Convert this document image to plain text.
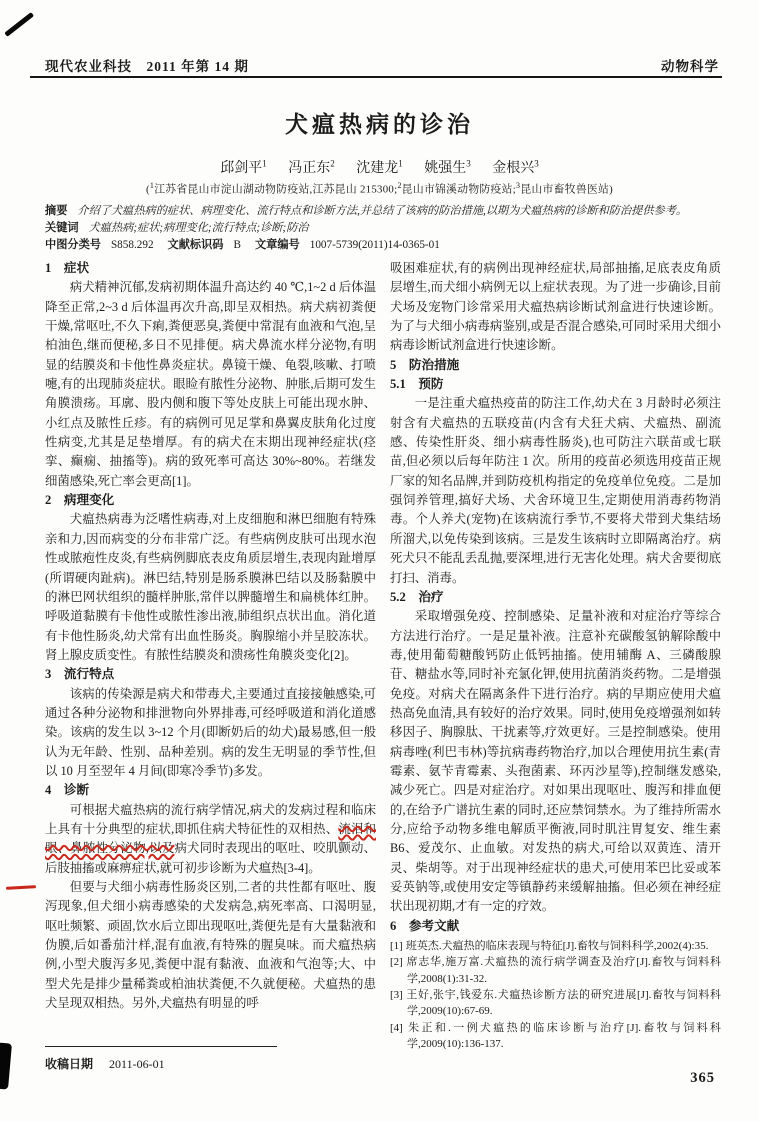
现代农业科技　2011 年第 14 期	动物科学
犬瘟热病的诊治
邱剑平$^1$ 冯正东$^2$ 沈建龙$^1$ 姚强生$^3$ 金根兴$^3$
($^1$江苏省昆山市淀山湖动物防疫站,江苏昆山 215300;$^2$昆山市锦溪动物防疫站;$^3$昆山市畜牧兽医站)
摘要 介绍了犬瘟热病的症状、病理变化、流行特点和诊断方法,并总结了该病的防治措施,以期为犬瘟热病的诊断和防治提供参考。
关键词 犬瘟热病;症状;病理变化;流行特点;诊断;防治
中图分类号 S858.292 文献标识码 B 文章编号 1007-5739(2011)14-0365-01
1　症状

病犬精神沉郁,发病初期体温升高达约 40 ℃,1~2 d 后体温降至正常,2~3 d 后体温再次升高,即呈双相热。病犬病初粪便干燥,常呕吐,不久下痢,粪便恶臭,粪便中常混有血液和气泡,呈柏油色,继而便秘,多日不见排便。病犬鼻流水样分泌物,有明显的结膜炎和卡他性鼻炎症状。鼻镜干燥、龟裂,咳嗽、打喷嚏,有的出现肺炎症状。眼睑有脓性分泌物、肿胀,后期可发生角膜溃疡。耳廓、股内侧和腹下等处皮肤上可能出现水肿、小红点及脓性丘疹。有的病例可见足掌和鼻翼皮肤角化过度性病变,尤其是足垫增厚。有的病犬在末期出现神经症状(痉挛、癫痫、抽搐等)。病的致死率可高达 30%~80%。若继发细菌感染,死亡率会更高[1]。

2　病理变化

犬瘟热病毒为泛嗜性病毒,对上皮细胞和淋巴细胞有特殊亲和力,因而病变的分布非常广泛。有些病例皮肤可出现水泡性或脓疱性皮炎,有些病例脚底表皮角质层增生,表现肉趾增厚(所谓硬肉趾病)。淋巴结,特别是肠系膜淋巴结以及肠黏膜中的淋巴网状组织的髓样肿胀,常伴以脾髓增生和扁桃体红肿。呼吸道黏膜有卡他性或脓性渗出液,肺组织点状出血。消化道有卡他性肠炎,幼犬常有出血性肠炎。胸腺缩小并呈胶冻状。肾上腺皮质变性。有脓性结膜炎和溃疡性角膜炎变化[2]。

3　流行特点

该病的传染源是病犬和带毒犬,主要通过直接接触感染,可通过各种分泌物和排泄物向外界排毒,可经呼吸道和消化道感染。该病的发生以 3~12 个月(即断奶后的幼犬)最易感,但一般认为无年龄、性别、品种差别。病的发生无明显的季节性,但以 10 月至翌年 4 月间(即寒冷季节)多发。

4　诊断

可根据犬瘟热病的流行病学情况,病犬的发病过程和临床上具有十分典型的症状,即抓住病犬特征性的双相热、流泪和眼、鼻脓性分泌物,以及病犬同时表现出的呕吐、咬肌颤动、后肢抽搐或麻痹症状,就可初步诊断为犬瘟热[3-4]。

但要与犬细小病毒性肠炎区别,二者的共性都有呕吐、腹泻现象,但犬细小病毒感染的犬发病急,病死率高、口渴明显,呕吐频繁、顽固,饮水后立即出现呕吐,粪便先是有大量黏液和伪膜,后如番茄汁样,混有血液,有特殊的腥臭味。而犬瘟热病例,小型犬腹泻多见,粪便中混有黏液、血液和气泡等;大、中型犬先是排少量稀粪或柏油状粪便,不久就便秘。犬瘟热的患犬呈现双相热。另外,犬瘟热有明显的呼

吸困难症状,有的病例出现神经症状,局部抽搐,足底表皮角质层增生,而犬细小病例无以上症状表现。为了进一步确诊,目前犬场及宠物门诊常采用犬瘟热病诊断试剂盒进行快速诊断。为了与犬细小病毒病鉴别,或是否混合感染,可同时采用犬细小病毒诊断试剂盒进行快速诊断。

5　防治措施
5.1　预防

一是注重犬瘟热疫苗的防注工作,幼犬在 3 月龄时必须注射含有犬瘟热的五联疫苗(内含有犬狂犬病、犬瘟热、副流感、传染性肝炎、细小病毒性肠炎),也可防注六联苗或七联苗,但必须以后每年防注 1 次。所用的疫苗必须选用疫苗正规厂家的知名品牌,并到防疫机构指定的免疫单位免疫。二是加强饲养管理,搞好犬场、犬舍环境卫生,定期使用消毒药物消毒。个人养犬(宠物)在该病流行季节,不要将犬带到犬集结场所溜犬,以免传染到该病。三是发生该病时立即隔离治疗。病死犬只不能乱丢乱抛,要深埋,进行无害化处理。病犬舍要彻底打扫、消毒。

5.2　治疗

采取增强免疫、控制感染、足量补液和对症治疗等综合方法进行治疗。一是足量补液。注意补充碳酸氢钠解除酸中毒,使用葡萄糖酸钙防止低钙抽搐。使用辅酶 A、三磷酸腺苷、糖盐水等,同时补充氯化钾,使用抗菌消炎药物。二是增强免疫。对病犬在隔离条件下进行治疗。病的早期应使用犬瘟热高免血清,具有较好的治疗效果。同时,使用免疫增强剂如转移因子、胸腺肽、干扰素等,疗效更好。三是控制感染。使用病毒唑(利巴韦林)等抗病毒药物治疗,加以合理使用抗生素(青霉素、氨苄青霉素、头孢菌素、环丙沙星等),控制继发感染,减少死亡。四是对症治疗。对如果出现呕吐、腹泻和排血便的,在给予广谱抗生素的同时,还应禁饲禁水。为了维持所需水分,应给予动物多维电解质平衡液,同时肌注胃复安、维生素B6、爱茂尔、止血敏。对发热的病犬,可给以双黄连、清开灵、柴胡等。对于出现神经症状的患犬,可使用苯巴比妥或苯妥英钠等,或使用安定等镇静药来缓解抽搐。但必须在神经症状出现初期,才有一定的疗效。

6　参考文献

[1] 班英杰.犬瘟热的临床表现与特征[J].畜牧与饲料科学,2002(4):35.

[2] 席志华,施万富.犬瘟热的流行病学调查及治疗[J].畜牧与饲料科学,2008(1):31-32.

[3] 王好,张宇,钱爱东.犬瘟热诊断方法的研究进展[J].畜牧与饲料科学,2009(10):67-69.

[4] 朱正和.一例犬瘟热的临床诊断与治疗[J].畜牧与饲料科学,2009(10):136-137.

收稿日期 2011-06-01
365
